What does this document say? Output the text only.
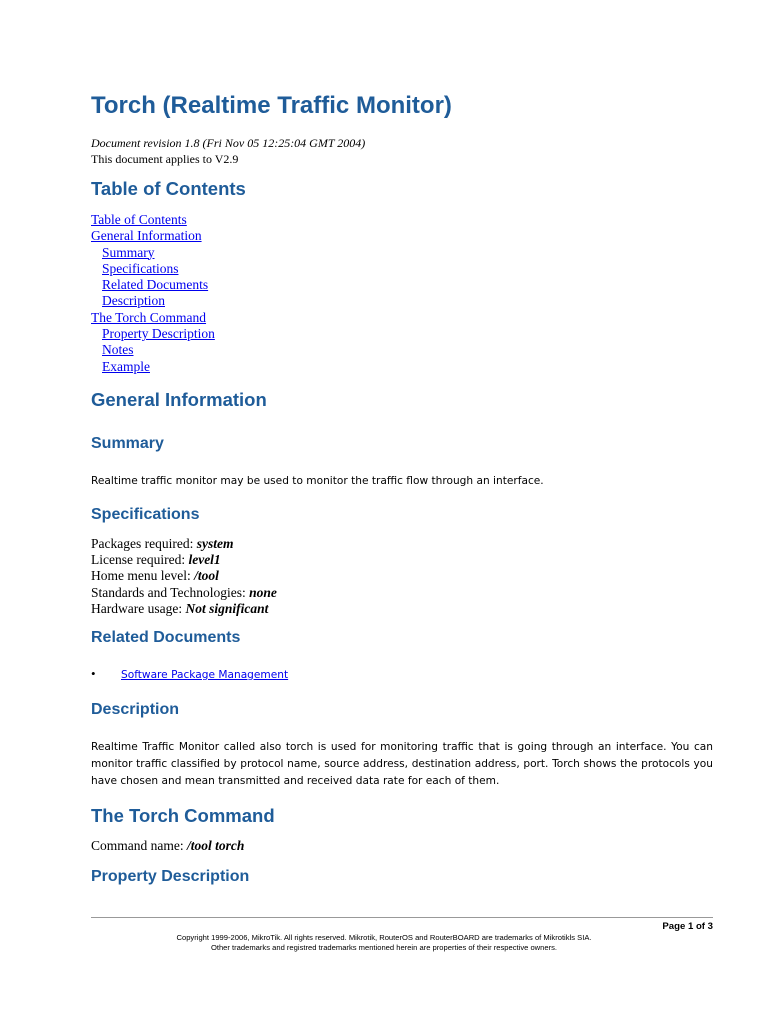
Torch (Realtime Traffic Monitor)
Document revision 1.8 (Fri Nov 05 12:25:04 GMT 2004)
This document applies to V2.9
Table of Contents
Table of Contents
General Information
Summary
Specifications
Related Documents
Description
The Torch Command
Property Description
Notes
Example
General Information
Summary

Realtime traffic monitor may be used to monitor the traffic flow through an interface.

Specifications
Packages required: system
License required: level1
Home menu level: /tool
Standards and Technologies: none
Hardware usage: Not significant
Related Documents
• Software Package Management
Description

Realtime Traffic Monitor called also torch is used for monitoring traffic that is going through an interface. You can monitor traffic classified by protocol name, source address, destination address, port. Torch shows the protocols you have chosen and mean transmitted and received data rate for each of them.

The Torch Command
Command name: /tool torch
Property Description
Page 1 of 3
Copyright 1999-2006, MikroTik. All rights reserved. Mikrotik, RouterOS and RouterBOARD are trademarks of Mikrotikls SIA.
Other trademarks and registred trademarks mentioned herein are properties of their respective owners.
